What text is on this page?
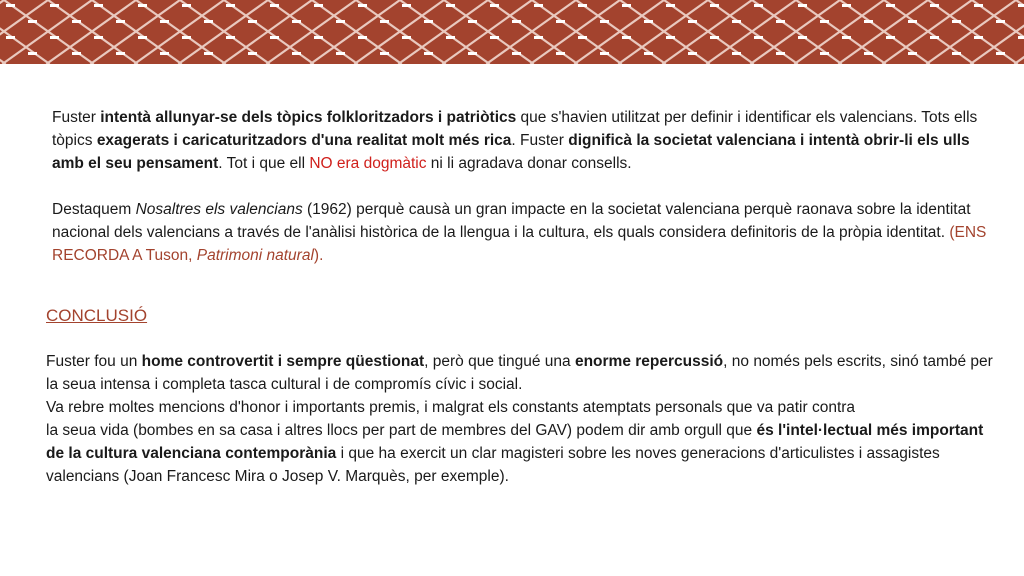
Fuster intentà allunyar-se dels tòpics folkloritzadors i patriòtics que s'havien utilitzat per definir i identificar els valencians. Tots ells tòpics exagerats i caricaturitzadors d'una realitat molt més rica. Fuster dignificà la societat valenciana i intentà obrir-li els ulls amb el seu pensament. Tot i que ell NO era dogmàtic ni li agradava donar consells.

Destaquem Nosaltres els valencians (1962) perquè causà un gran impacte en la societat valenciana perquè raonava sobre la identitat nacional dels valencians a través de l'anàlisi històrica de la llengua i la cultura, els quals considera definitoris de la pròpia identitat. (ENS RECORDA A Tuson, Patrimoni natural).

CONCLUSIÓ

Fuster fou un home controvertit i sempre qüestionat, però que tingué una enorme repercussió, no només pels escrits, sinó també per la seua intensa i completa tasca cultural i de compromís cívic i social.

Va rebre moltes mencions d'honor i importants premis, i malgrat els constants atemptats personals que va patir contra
la seua vida (bombes en sa casa i altres llocs per part de membres del GAV) podem dir amb orgull que és l'intel·lectual més important de la cultura valenciana contemporània i que ha exercit un clar magisteri sobre les noves generacions d'articulistes i assagistes valencians (Joan Francesc Mira o Josep V. Marquès, per exemple).
